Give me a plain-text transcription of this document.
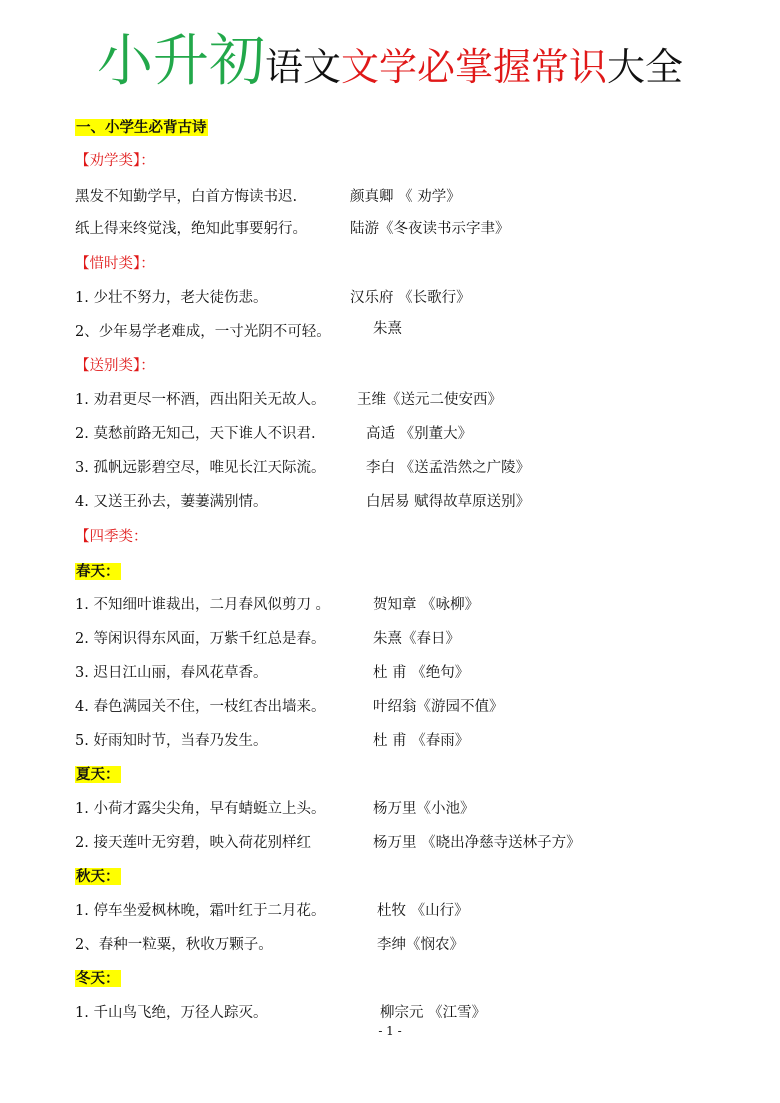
小升初语文文学必掌握常识大全
一、小学生必背古诗
【劝学类】：
黑发不知勤学早，白首方悔读书迟.	颜真卿 《 劝学》
纸上得来终觉浅，绝知此事要躬行。	陆游《冬夜读书示字聿》
【惜时类】：
1. 少壮不努力，老大徒伤悲。	汉乐府 《长歌行》
2、少年易学老难成，一寸光阴不可轻。	朱熹
【送别类】：
1. 劝君更尽一杯酒，西出阳关无故人。 王维《送元二使安西》
2. 莫愁前路无知己，天下谁人不识君.	高适 《别董大》
3. 孤帆远影碧空尽，唯见长江天际流。	李白 《送孟浩然之广陵》
4. 又送王孙去，萋萋满别情。	白居易 赋得故草原送别》
【四季类：
春天：
1. 不知细叶谁裁出，二月春风似剪刀 。	贺知章 《咏柳》
2. 等闲识得东风面，万紫千红总是春。	朱熹《春日》
3. 迟日江山丽，春风花草香。	杜 甫 《绝句》
4. 春色满园关不住，一枝红杏出墙来。	叶绍翁《游园不值》
5. 好雨知时节，当春乃发生。	杜 甫 《春雨》
夏天：
1. 小荷才露尖尖角，早有蜻蜓立上头。	杨万里《小池》
2. 接天莲叶无穷碧，映入荷花别样红	杨万里 《晓出净慈寺送林子方》
秋天：
1. 停车坐爱枫林晚，霜叶红于二月花。	杜牧 《山行》
2、春种一粒粟，秋收万颗子。	李绅《悯农》
冬天：
1. 千山鸟飞绝，万径人踪灭。	柳宗元 《江雪》
- 1 -
